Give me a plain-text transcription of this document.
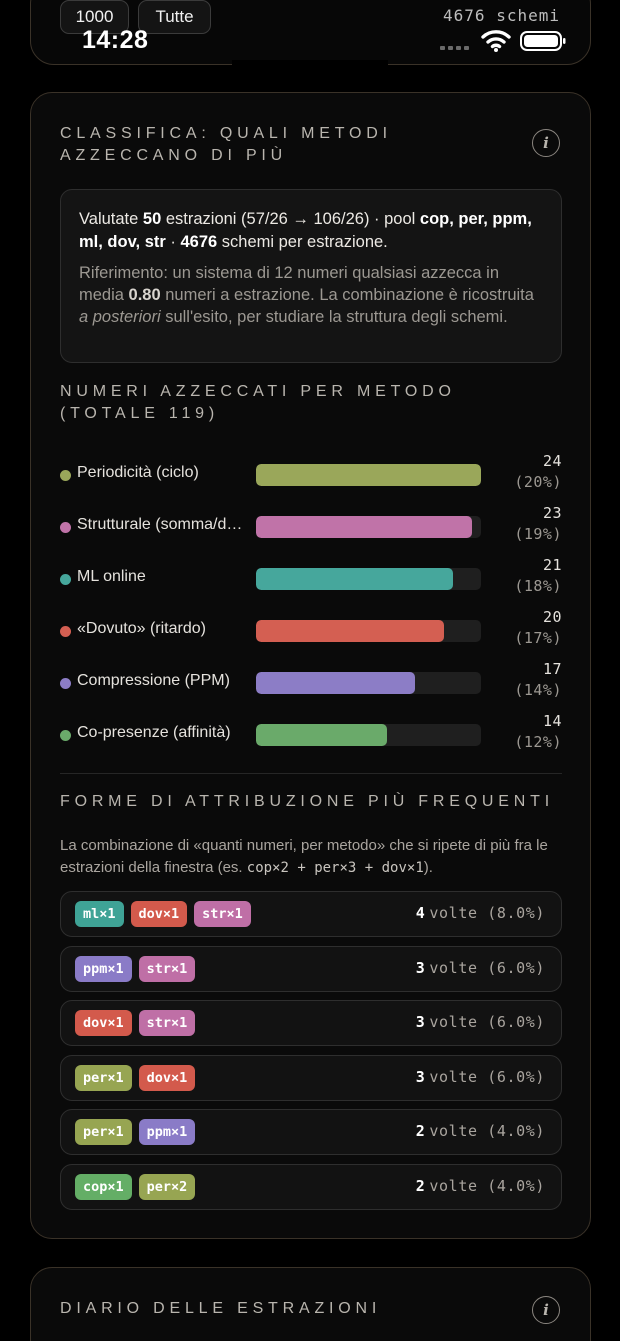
1000	Tutte
14:28
4676 schemi
CLASSIFICA: QUALI METODI AZZECCANO DI PIÙ
i

Valutate 50 estrazioni (57/26 → 106/26) · pool cop, per, ppm, ml, dov, str · 4676 schemi per estrazione.

Riferimento: un sistema di 12 numeri qualsiasi azzecca in media 0.80 numeri a estrazione. La combinazione è ricostruita a posteriori sull'esito, per studiare la struttura degli schemi.

NUMERI AZZECCATI PER METODO (TOTALE 119)
Periodicità (ciclo)
24
(20%)
Strutturale (somma/d…
23
(19%)
ML online
21
(18%)
«Dovuto» (ritardo)
20
(17%)
Compressione (PPM)
17
(14%)
Co-presenze (affinità)
14
(12%)
FORME DI ATTRIBUZIONE PIÙ FREQUENTI
La combinazione di «quanti numeri, per metodo» che si ripete di più fra le estrazioni della finestra (es. cop×2 + per×3 + dov×1).
ml×1	dov×1	str×1	4 volte (8.0%)
ppm×1	str×1	3 volte (6.0%)
dov×1	str×1	3 volte (6.0%)
per×1	dov×1	3 volte (6.0%)
per×1	ppm×1	2 volte (4.0%)
cop×1	per×2	2 volte (4.0%)
DIARIO DELLE ESTRAZIONI	i
